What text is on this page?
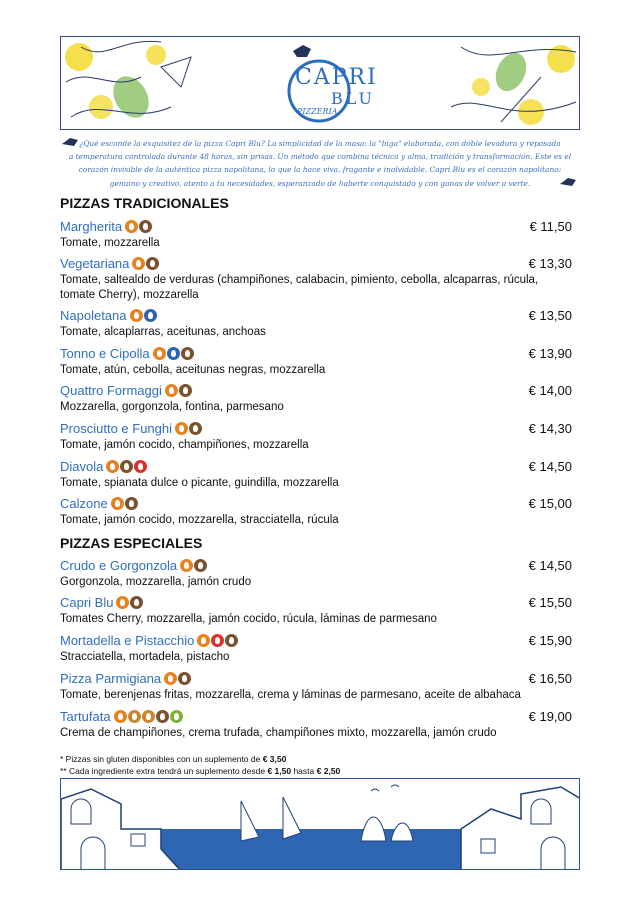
CAPRI
BLU
PIZZERIA
¿Qué esconde la exquisitez de la pizza Capri Blu? La simplicidad de la masa: la "biga" elaborada, con doble levadura y reposada
a temperatura controlada durante 48 horas, sin prisas. Un método que combina técnica y alma, tradición y transformación. Este es el
corazón invisible de la auténtica pizza napolitana, lo que la hace viva, fragante e inolvidable. Capri Blu es el corazón napolitano:
genuino y creativo, atento a tu necesidades, esperanzado de haberte conquistado y con ganas de volver a verte.
PIZZAS TRADICIONALES
Margherita	€ 11,50
Tomate, mozzarella
Vegetariana	€ 13,30
Tomate, saltealdo de verduras (champiñones, calabacin, pimiento, cebolla, alcaparras, rúcula,
tomate Cherry), mozzarella
Napoletana	€ 13,50
Tomate, alcaplarras, aceitunas, anchoas
Tonno e Cipolla	€ 13,90
Tomate, atún, cebolla, aceitunas negras, mozzarella
Quattro Formaggi	€ 14,00
Mozzarella, gorgonzola, fontina, parmesano
Prosciutto e Funghi	€ 14,30
Tomate, jamón cocido, champiñones, mozzarella
Diavola	€ 14,50
Tomate, spianata dulce o picante, guindilla, mozzarella
Calzone	€ 15,00
Tomate, jamón cocido, mozzarella, stracciatella, rúcula
PIZZAS ESPECIALES
Crudo e Gorgonzola	€ 14,50
Gorgonzola, mozzarella, jamón crudo
Capri Blu	€ 15,50
Tomates Cherry, mozzarella, jamón cocido, rúcula, láminas de parmesano
Mortadella e Pistacchio	€ 15,90
Stracciatella, mortadela, pistacho
Pizza Parmigiana	€ 16,50
Tomate, berenjenas fritas, mozzarella, crema y láminas de parmesano, aceite de albahaca
Tartufata	€ 19,00
Crema de champiñones, crema trufada, champiñones mixto, mozzarella, jamón crudo
* Pizzas sin gluten disponibles con un suplemento de € 3,50
** Cada ingrediente extra tendrá un suplemento desde € 1,50 hasta € 2,50
